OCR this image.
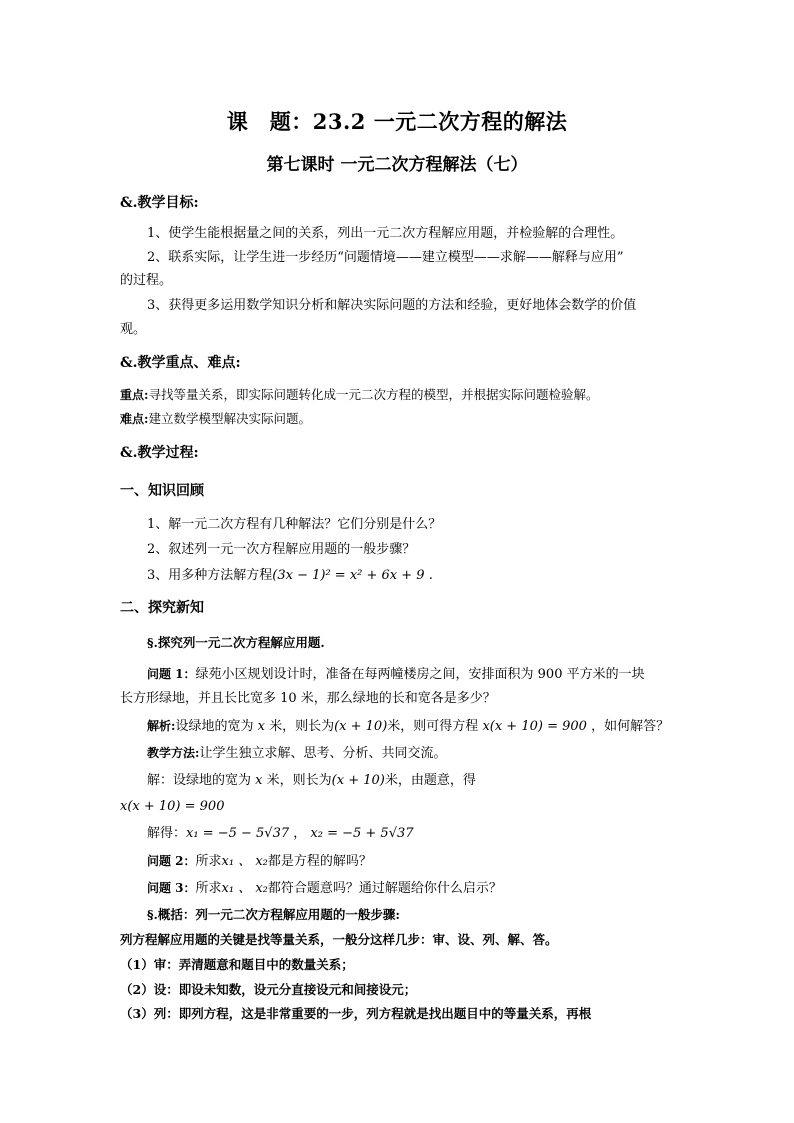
课　题：23.2 一元二次方程的解法
第七课时 一元二次方程解法（七）
&.教学目标:
1、使学生能根据量之间的关系，列出一元二次方程解应用题，并检验解的合理性。
2、联系实际，让学生进一步经历“问题情境——建立模型——求解——解释与应用”
的过程。
3、获得更多运用数学知识分析和解决实际问题的方法和经验，更好地体会数学的价值
观。
&.教学重点、难点:
重点:寻找等量关系，即实际问题转化成一元二次方程的模型，并根据实际问题检验解。
难点:建立数学模型解决实际问题。
&.教学过程:
一、知识回顾
1、解一元二次方程有几种解法？它们分别是什么？
2、叙述列一元一次方程解应用题的一般步骤？
3、用多种方法解方程(3x − 1)² = x² + 6x + 9 .
二、探究新知
§.探究列一元二次方程解应用题.
问题 1：绿苑小区规划设计时，准备在每两幢楼房之间，安排面积为 900 平方米的一块
长方形绿地，并且长比宽多 10 米，那么绿地的长和宽各是多少？
解析:设绿地的宽为 x 米，则长为(x + 10)米，则可得方程 x(x + 10) = 900 ，如何解答？
教学方法:让学生独立求解、思考、分析、共同交流。
解：设绿地的宽为 x 米，则长为(x + 10)米，由题意，得
x(x + 10) = 900
解得：x₁ = −5 − 5√37 ， x₂ = −5 + 5√37
问题 2：所求x₁ 、 x₂都是方程的解吗？
问题 3：所求x₁ 、 x₂都符合题意吗？通过解题给你什么启示？
§.概括：列一元二次方程解应用题的一般步骤:
列方程解应用题的关键是找等量关系，一般分这样几步：审、设、列、解、答。
（1）审：弄清题意和题目中的数量关系；
（2）设：即设未知数，设元分直接设元和间接设元；
（3）列：即列方程，这是非常重要的一步，列方程就是找出题目中的等量关系，再根
